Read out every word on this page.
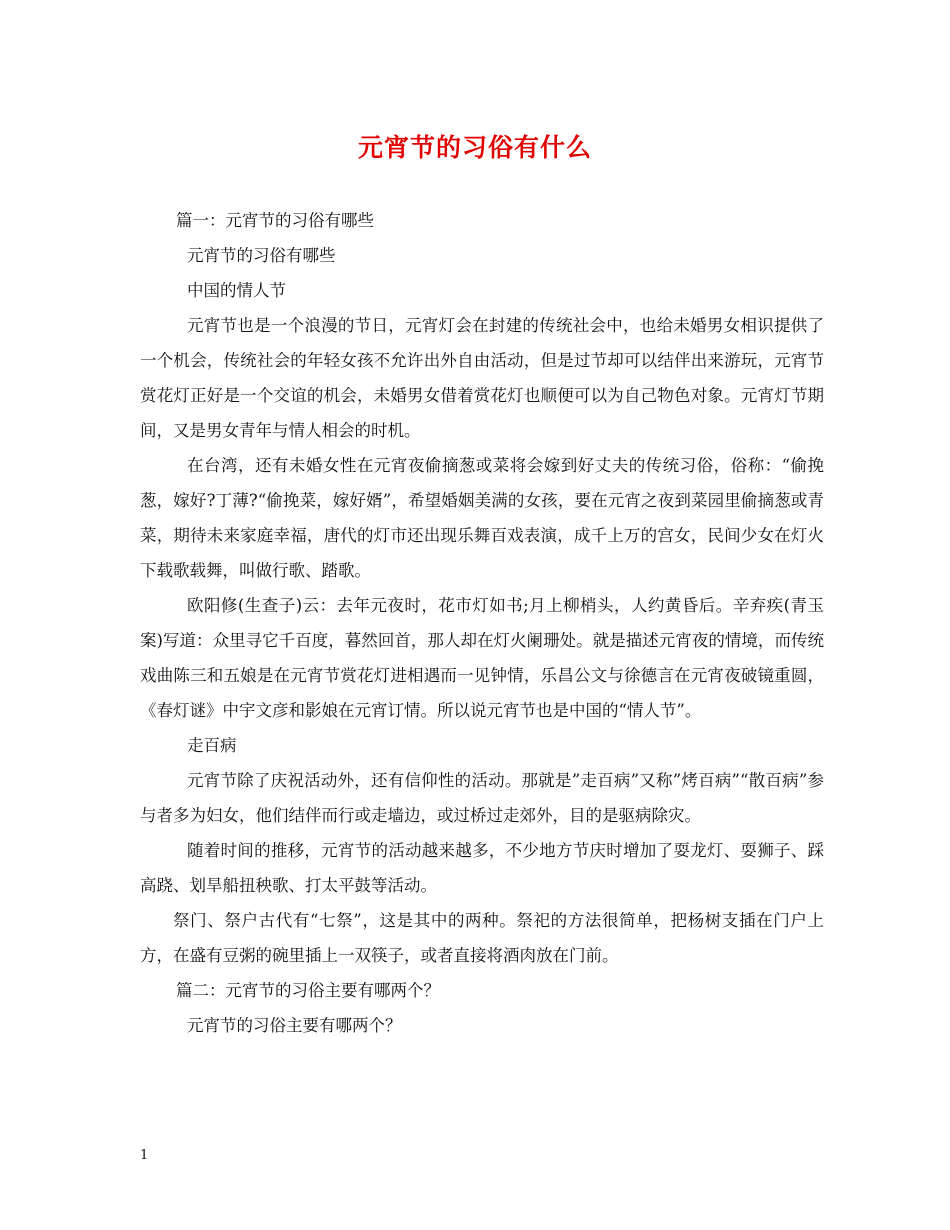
元宵节的习俗有什么

篇一：元宵节的习俗有哪些

元宵节的习俗有哪些

中国的情人节

元宵节也是一个浪漫的节日，元宵灯会在封建的传统社会中，也给未婚男女相识提供了一个机会，传统社会的年轻女孩不允许出外自由活动，但是过节却可以结伴出来游玩，元宵节赏花灯正好是一个交谊的机会，未婚男女借着赏花灯也顺便可以为自己物色对象。元宵灯节期间，又是男女青年与情人相会的时机。

在台湾，还有未婚女性在元宵夜偷摘葱或菜将会嫁到好丈夫的传统习俗，俗称：“偷挽葱，嫁好?丁薄?“偷挽菜，嫁好婿”，希望婚姻美满的女孩，要在元宵之夜到菜园里偷摘葱或青菜，期待未来家庭幸福，唐代的灯市还出现乐舞百戏表演，成千上万的宫女，民间少女在灯火下载歌载舞，叫做行歌、踏歌。

欧阳修(生查子)云：去年元夜时，花市灯如书;月上柳梢头，人约黄昏后。辛弃疾(青玉案)写道：众里寻它千百度，暮然回首，那人却在灯火阑珊处。就是描述元宵夜的情境，而传统戏曲陈三和五娘是在元宵节赏花灯进相遇而一见钟情，乐昌公文与徐德言在元宵夜破镜重圆，《春灯谜》中宇文彦和影娘在元宵订情。所以说元宵节也是中国的“情人节”。

走百病

元宵节除了庆祝活动外，还有信仰性的活动。那就是”走百病”又称”烤百病”“散百病”参与者多为妇女，他们结伴而行或走墙边，或过桥过走郊外，目的是驱病除灾。

随着时间的推移，元宵节的活动越来越多，不少地方节庆时增加了耍龙灯、耍狮子、踩高跷、划旱船扭秧歌、打太平鼓等活动。

祭门、祭户古代有“七祭”，这是其中的两种。祭祀的方法很简单，把杨树支插在门户上方，在盛有豆粥的碗里插上一双筷子，或者直接将酒肉放在门前。

篇二：元宵节的习俗主要有哪两个？

元宵节的习俗主要有哪两个？

1
